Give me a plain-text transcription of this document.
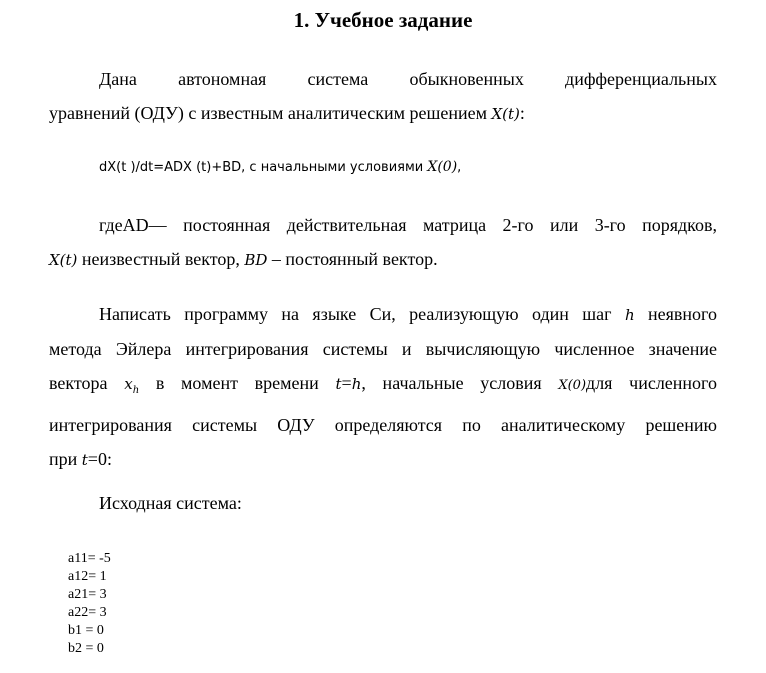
1. Учебное задание
Дана автономная система обыкновенных дифференциальных
уравнений (ОДУ) с известным аналитическим решением X(t):
dX(t )/dt=ADX (t)+BD, с начальными условиями X(0),
гдеAD— постоянная действительная матрица 2-го или 3-го порядков,
X(t) неизвестный вектор, BD – постоянный вектор.
Написать программу на языке Си, реализующую один шаг h неявного
метода Эйлера интегрирования системы и вычисляющую численное значение
вектора $x_h$ в момент времени t=h, начальные условия X(0)для численного
интегрирования системы ОДУ определяются по аналитическому решению
при t=0:
Исходная система:
a11= -5
a12= 1
a21= 3
a22= 3
b1 = 0
b2 = 0
